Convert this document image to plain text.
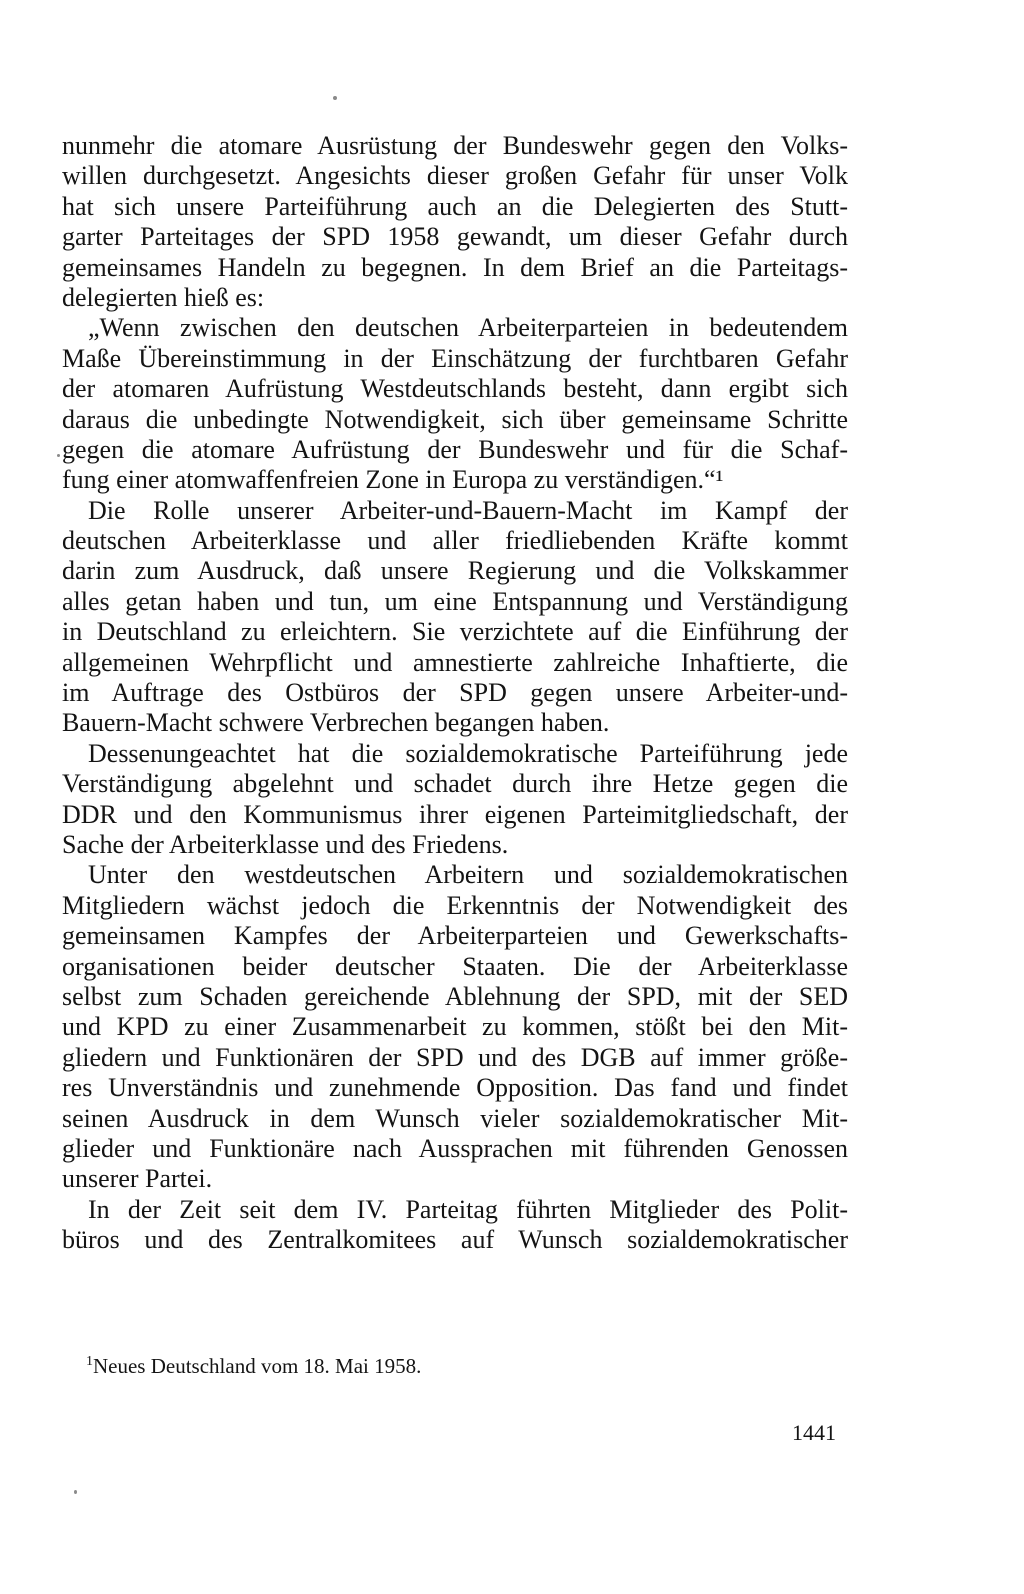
nunmehr die atomare Ausrüstung der Bundeswehr gegen den Volks-
willen durchgesetzt. Angesichts dieser großen Gefahr für unser Volk
hat sich unsere Parteiführung auch an die Delegierten des Stutt-
garter Parteitages der SPD 1958 gewandt, um dieser Gefahr durch
gemeinsames Handeln zu begegnen. In dem Brief an die Parteitags-
delegierten hieß es:
„Wenn zwischen den deutschen Arbeiterparteien in bedeutendem
Maße Übereinstimmung in der Einschätzung der furchtbaren Gefahr
der atomaren Aufrüstung Westdeutschlands besteht, dann ergibt sich
daraus die unbedingte Notwendigkeit, sich über gemeinsame Schritte
gegen die atomare Aufrüstung der Bundeswehr und für die Schaf-
fung einer atomwaffenfreien Zone in Europa zu verständigen.“¹
Die Rolle unserer Arbeiter-und-Bauern-Macht im Kampf der
deutschen Arbeiterklasse und aller friedliebenden Kräfte kommt
darin zum Ausdruck, daß unsere Regierung und die Volkskammer
alles getan haben und tun, um eine Entspannung und Verständigung
in Deutschland zu erleichtern. Sie verzichtete auf die Einführung der
allgemeinen Wehrpflicht und amnestierte zahlreiche Inhaftierte, die
im Auftrage des Ostbüros der SPD gegen unsere Arbeiter-und-
Bauern-Macht schwere Verbrechen begangen haben.
Dessenungeachtet hat die sozialdemokratische Parteiführung jede
Verständigung abgelehnt und schadet durch ihre Hetze gegen die
DDR und den Kommunismus ihrer eigenen Parteimitgliedschaft, der
Sache der Arbeiterklasse und des Friedens.
Unter den westdeutschen Arbeitern und sozialdemokratischen
Mitgliedern wächst jedoch die Erkenntnis der Notwendigkeit des
gemeinsamen Kampfes der Arbeiterparteien und Gewerkschafts-
organisationen beider deutscher Staaten. Die der Arbeiterklasse
selbst zum Schaden gereichende Ablehnung der SPD, mit der SED
und KPD zu einer Zusammenarbeit zu kommen, stößt bei den Mit-
gliedern und Funktionären der SPD und des DGB auf immer größe-
res Unverständnis und zunehmende Opposition. Das fand und findet
seinen Ausdruck in dem Wunsch vieler sozialdemokratischer Mit-
glieder und Funktionäre nach Aussprachen mit führenden Genossen
unserer Partei.
In der Zeit seit dem IV. Parteitag führten Mitglieder des Polit-
büros und des Zentralkomitees auf Wunsch sozialdemokratischer
$^1$Neues Deutschland vom 18. Mai 1958.
1441
